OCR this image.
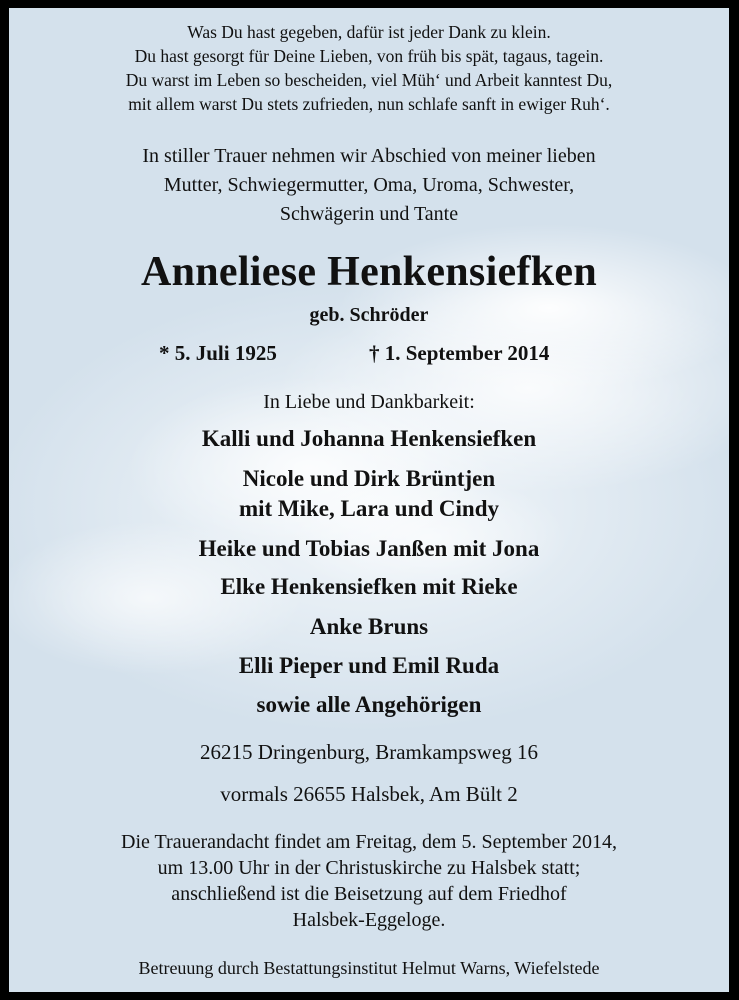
Was Du hast gegeben, dafür ist jeder Dank zu klein.
Du hast gesorgt für Deine Lieben, von früh bis spät, tagaus, tagein.
Du warst im Leben so bescheiden, viel Müh‘ und Arbeit kanntest Du,
mit allem warst Du stets zufrieden, nun schlafe sanft in ewiger Ruh‘.
In stiller Trauer nehmen wir Abschied von meiner lieben
Mutter, Schwiegermutter, Oma, Uroma, Schwester,
Schwägerin und Tante
Anneliese Henkensiefken
geb. Schröder
* 5. Juli 1925	† 1. September 2014
In Liebe und Dankbarkeit:
Kalli und Johanna Henkensiefken
Nicole und Dirk Brüntjen
mit Mike, Lara und Cindy
Heike und Tobias Janßen mit Jona
Elke Henkensiefken mit Rieke
Anke Bruns
Elli Pieper und Emil Ruda
sowie alle Angehörigen
26215 Dringenburg, Bramkampsweg 16
vormals 26655 Halsbek, Am Bült 2
Die Trauerandacht findet am Freitag, dem 5. September 2014,
um 13.00 Uhr in der Christuskirche zu Halsbek statt;
anschließend ist die Beisetzung auf dem Friedhof
Halsbek-Eggeloge.
Betreuung durch Bestattungsinstitut Helmut Warns, Wiefelstede
